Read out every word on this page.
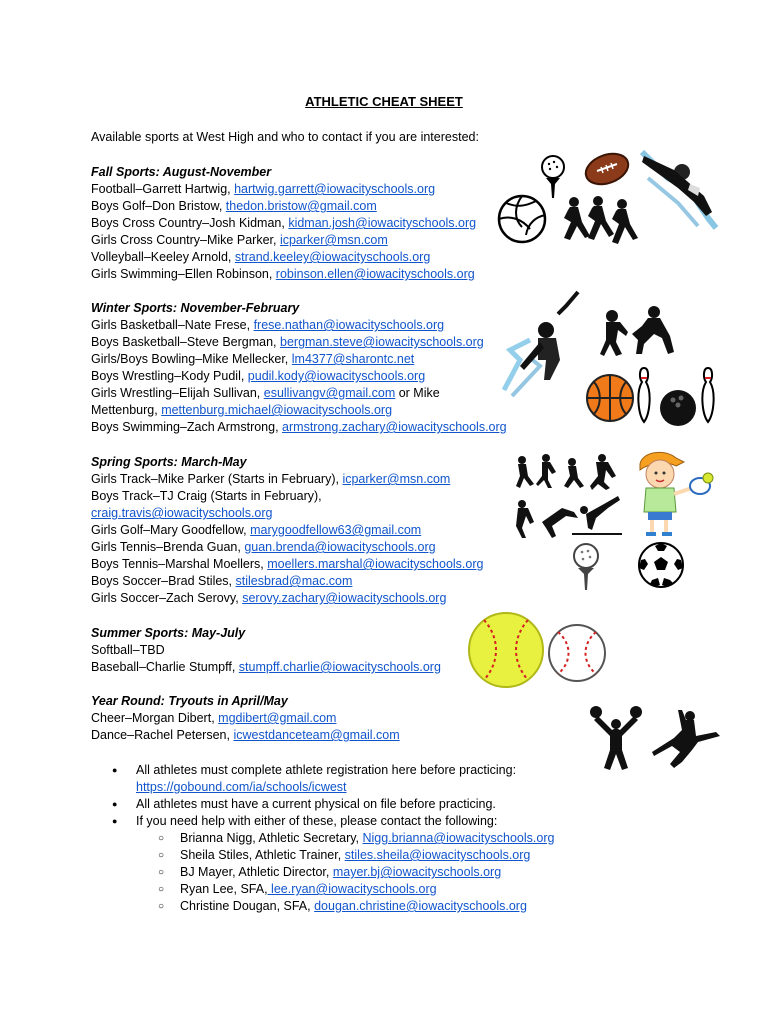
ATHLETIC CHEAT SHEET
Available sports at West High and who to contact if you are interested:
Fall Sports: August-November
Football–Garrett Hartwig, hartwig.garrett@iowacityschools.org
Boys Golf–Don Bristow, thedon.bristow@gmail.com
Boys Cross Country–Josh Kidman, kidman.josh@iowacityschools.org
Girls Cross Country–Mike Parker, icparker@msn.com
Volleyball–Keeley Arnold, strand.keeley@iowacityschools.org
Girls Swimming–Ellen Robinson, robinson.ellen@iowacityschools.org
Winter Sports: November-February
Girls Basketball–Nate Frese, frese.nathan@iowacityschools.org
Boys Basketball–Steve Bergman, bergman.steve@iowacityschools.org
Girls/Boys Bowling–Mike Mellecker, lm4377@sharontc.net
Boys Wrestling–Kody Pudil, pudil.kody@iowacityschools.org
Girls Wrestling–Elijah Sullivan, esullivangv@gmail.com or Mike
Mettenburg, mettenburg.michael@iowacityschools.org
Boys Swimming–Zach Armstrong, armstrong.zachary@iowacityschools.org
Spring Sports: March-May
Girls Track–Mike Parker (Starts in February), icparker@msn.com
Boys Track–TJ Craig (Starts in February),
craig.travis@iowacityschools.org
Girls Golf–Mary Goodfellow, marygoodfellow63@gmail.com
Girls Tennis–Brenda Guan, guan.brenda@iowacityschools.org
Boys Tennis–Marshal Moellers, moellers.marshal@iowacityschools.org
Boys Soccer–Brad Stiles, stilesbrad@mac.com
Girls Soccer–Zach Serovy, serovy.zachary@iowacityschools.org
Summer Sports: May-July
Softball–TBD
Baseball–Charlie Stumpff, stumpff.charlie@iowacityschools.org
Year Round: Tryouts in April/May
Cheer–Morgan Dibert, mgdibert@gmail.com
Dance–Rachel Petersen, icwestdanceteam@gmail.com
● All athletes must complete athlete registration here before practicing:
https://gobound.com/ia/schools/icwest
● All athletes must have a current physical on file before practicing.
● If you need help with either of these, please contact the following:
○ Brianna Nigg, Athletic Secretary, Nigg.brianna@iowacityschools.org
○ Sheila Stiles, Athletic Trainer, stiles.sheila@iowacityschools.org
○ BJ Mayer, Athletic Director, mayer.bj@iowacityschools.org
○ Ryan Lee, SFA, lee.ryan@iowacityschools.org
○ Christine Dougan, SFA, dougan.christine@iowacityschools.org
